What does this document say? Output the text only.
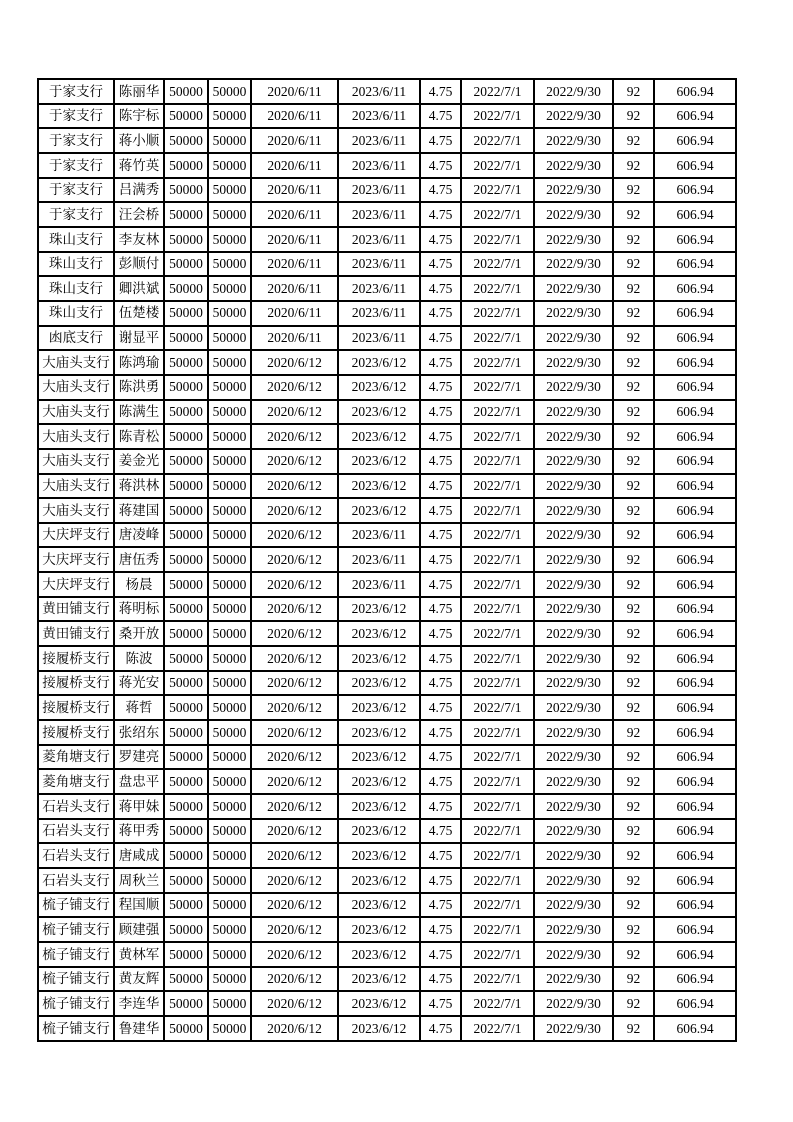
于家支行	陈丽华	50000	50000	2020/6/11	2023/6/11	4.75	2022/7/1	2022/9/30	92	606.94
于家支行	陈宇标	50000	50000	2020/6/11	2023/6/11	4.75	2022/7/1	2022/9/30	92	606.94
于家支行	蒋小顺	50000	50000	2020/6/11	2023/6/11	4.75	2022/7/1	2022/9/30	92	606.94
于家支行	蒋竹英	50000	50000	2020/6/11	2023/6/11	4.75	2022/7/1	2022/9/30	92	606.94
于家支行	吕满秀	50000	50000	2020/6/11	2023/6/11	4.75	2022/7/1	2022/9/30	92	606.94
于家支行	汪会桥	50000	50000	2020/6/11	2023/6/11	4.75	2022/7/1	2022/9/30	92	606.94
珠山支行	李友林	50000	50000	2020/6/11	2023/6/11	4.75	2022/7/1	2022/9/30	92	606.94
珠山支行	彭顺付	50000	50000	2020/6/11	2023/6/11	4.75	2022/7/1	2022/9/30	92	606.94
珠山支行	卿洪斌	50000	50000	2020/6/11	2023/6/11	4.75	2022/7/1	2022/9/30	92	606.94
珠山支行	伍楚楼	50000	50000	2020/6/11	2023/6/11	4.75	2022/7/1	2022/9/30	92	606.94
凼底支行	谢显平	50000	50000	2020/6/11	2023/6/11	4.75	2022/7/1	2022/9/30	92	606.94
大庙头支行	陈鸿瑜	50000	50000	2020/6/12	2023/6/12	4.75	2022/7/1	2022/9/30	92	606.94
大庙头支行	陈洪勇	50000	50000	2020/6/12	2023/6/12	4.75	2022/7/1	2022/9/30	92	606.94
大庙头支行	陈满生	50000	50000	2020/6/12	2023/6/12	4.75	2022/7/1	2022/9/30	92	606.94
大庙头支行	陈青松	50000	50000	2020/6/12	2023/6/12	4.75	2022/7/1	2022/9/30	92	606.94
大庙头支行	姜金光	50000	50000	2020/6/12	2023/6/12	4.75	2022/7/1	2022/9/30	92	606.94
大庙头支行	蒋洪林	50000	50000	2020/6/12	2023/6/12	4.75	2022/7/1	2022/9/30	92	606.94
大庙头支行	蒋建国	50000	50000	2020/6/12	2023/6/12	4.75	2022/7/1	2022/9/30	92	606.94
大庆坪支行	唐凌峰	50000	50000	2020/6/12	2023/6/11	4.75	2022/7/1	2022/9/30	92	606.94
大庆坪支行	唐伍秀	50000	50000	2020/6/12	2023/6/11	4.75	2022/7/1	2022/9/30	92	606.94
大庆坪支行	杨晨	50000	50000	2020/6/12	2023/6/11	4.75	2022/7/1	2022/9/30	92	606.94
黄田铺支行	蒋明标	50000	50000	2020/6/12	2023/6/12	4.75	2022/7/1	2022/9/30	92	606.94
黄田铺支行	桑开放	50000	50000	2020/6/12	2023/6/12	4.75	2022/7/1	2022/9/30	92	606.94
接履桥支行	陈波	50000	50000	2020/6/12	2023/6/12	4.75	2022/7/1	2022/9/30	92	606.94
接履桥支行	蒋光安	50000	50000	2020/6/12	2023/6/12	4.75	2022/7/1	2022/9/30	92	606.94
接履桥支行	蒋哲	50000	50000	2020/6/12	2023/6/12	4.75	2022/7/1	2022/9/30	92	606.94
接履桥支行	张绍东	50000	50000	2020/6/12	2023/6/12	4.75	2022/7/1	2022/9/30	92	606.94
菱角塘支行	罗建亮	50000	50000	2020/6/12	2023/6/12	4.75	2022/7/1	2022/9/30	92	606.94
菱角塘支行	盘忠平	50000	50000	2020/6/12	2023/6/12	4.75	2022/7/1	2022/9/30	92	606.94
石岩头支行	蒋甲妹	50000	50000	2020/6/12	2023/6/12	4.75	2022/7/1	2022/9/30	92	606.94
石岩头支行	蒋甲秀	50000	50000	2020/6/12	2023/6/12	4.75	2022/7/1	2022/9/30	92	606.94
石岩头支行	唐咸成	50000	50000	2020/6/12	2023/6/12	4.75	2022/7/1	2022/9/30	92	606.94
石岩头支行	周秋兰	50000	50000	2020/6/12	2023/6/12	4.75	2022/7/1	2022/9/30	92	606.94
梳子铺支行	程国顺	50000	50000	2020/6/12	2023/6/12	4.75	2022/7/1	2022/9/30	92	606.94
梳子铺支行	顾建强	50000	50000	2020/6/12	2023/6/12	4.75	2022/7/1	2022/9/30	92	606.94
梳子铺支行	黄林军	50000	50000	2020/6/12	2023/6/12	4.75	2022/7/1	2022/9/30	92	606.94
梳子铺支行	黄友辉	50000	50000	2020/6/12	2023/6/12	4.75	2022/7/1	2022/9/30	92	606.94
梳子铺支行	李连华	50000	50000	2020/6/12	2023/6/12	4.75	2022/7/1	2022/9/30	92	606.94
梳子铺支行	鲁建华	50000	50000	2020/6/12	2023/6/12	4.75	2022/7/1	2022/9/30	92	606.94
